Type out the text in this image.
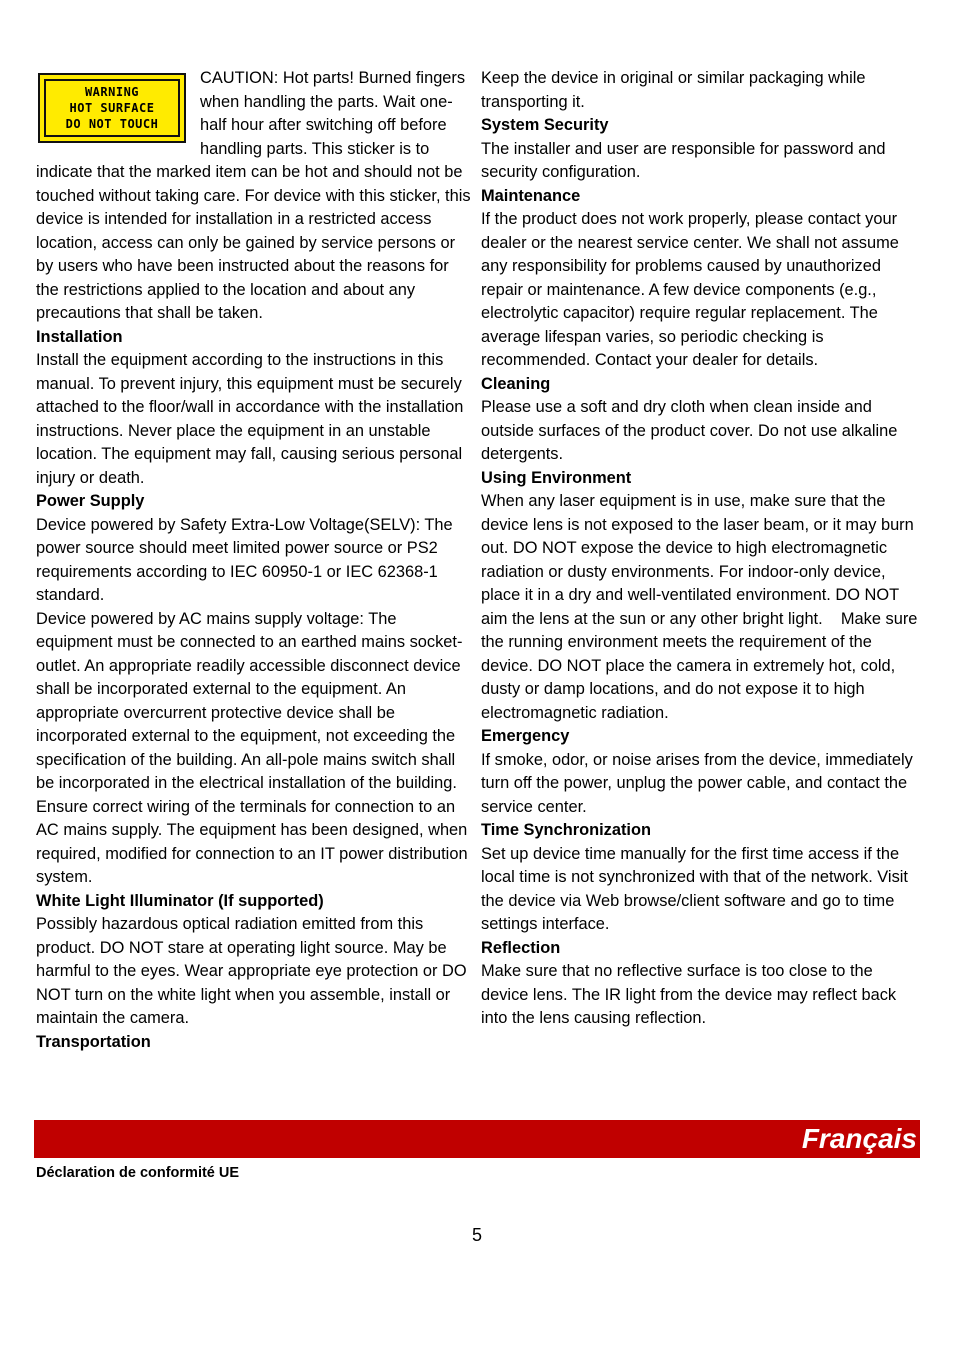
WARNING
HOT SURFACE
DO NOT TOUCH

CAUTION: Hot parts! Burned fingers when handling the parts. Wait one-half hour after switching off before handling parts. This sticker is to indicate that the marked item can be hot and should not be touched without taking care. For device with this sticker, this device is intended for installation in a restricted access location, access can only be gained by service persons or by users who have been instructed about the reasons for the restrictions applied to the location and about any precautions that shall be taken.

Installation

Install the equipment according to the instructions in this manual. To prevent injury, this equipment must be securely attached to the floor/wall in accordance with the installation instructions. Never place the equipment in an unstable location. The equipment may fall, causing serious personal injury or death.

Power Supply

Device powered by Safety Extra-Low Voltage(SELV): The power source should meet limited power source or PS2 requirements according to IEC 60950-1 or IEC 62368-1 standard.

Device powered by AC mains supply voltage: The equipment must be connected to an earthed mains socket-outlet. An appropriate readily accessible disconnect device shall be incorporated external to the equipment. An appropriate overcurrent protective device shall be incorporated external to the equipment, not exceeding the specification of the building. An all-pole mains switch shall be incorporated in the electrical installation of the building. Ensure correct wiring of the terminals for connection to an AC mains supply. The equipment has been designed, when required, modified for connection to an IT power distribution system.

White Light Illuminator (If supported)

Possibly hazardous optical radiation emitted from this product. DO NOT stare at operating light source. May be harmful to the eyes. Wear appropriate eye protection or DO NOT turn on the white light when you assemble, install or maintain the camera.

Transportation

Keep the device in original or similar packaging while transporting it.

System Security

The installer and user are responsible for password and security configuration.

Maintenance

If the product does not work properly, please contact your dealer or the nearest service center. We shall not assume any responsibility for problems caused by unauthorized repair or maintenance. A few device components (e.g., electrolytic capacitor) require regular replacement. The average lifespan varies, so periodic checking is recommended. Contact your dealer for details.

Cleaning

Please use a soft and dry cloth when clean inside and outside surfaces of the product cover. Do not use alkaline detergents.

Using Environment

When any laser equipment is in use, make sure that the device lens is not exposed to the laser beam, or it may burn out. DO NOT expose the device to high electromagnetic radiation or dusty environments. For indoor-only device, place it in a dry and well-ventilated environment. DO NOT aim the lens at the sun or any other bright light.    Make sure the running environment meets the requirement of the device. DO NOT place the camera in extremely hot, cold, dusty or damp locations, and do not expose it to high electromagnetic radiation.

Emergency

If smoke, odor, or noise arises from the device, immediately turn off the power, unplug the power cable, and contact the service center.

Time Synchronization

Set up device time manually for the first time access if the local time is not synchronized with that of the network. Visit the device via Web browse/client software and go to time settings interface.

Reflection

Make sure that no reflective surface is too close to the device lens. The IR light from the device may reflect back into the lens causing reflection.

Français
Déclaration de conformité UE
5
